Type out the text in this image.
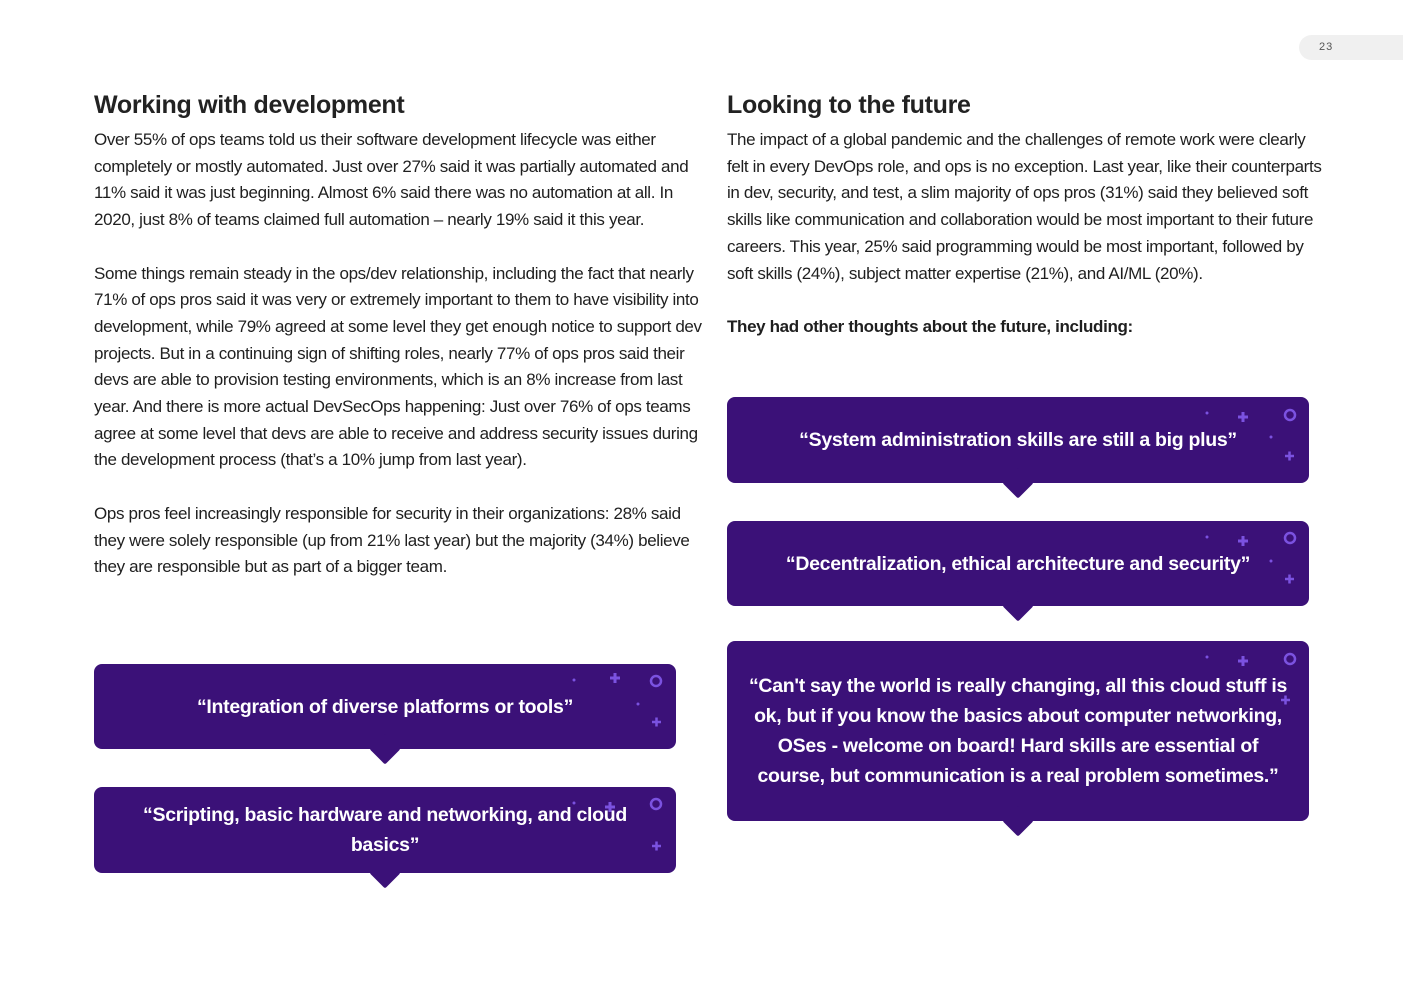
23
Working with development

Over 55% of ops teams told us their software development lifecycle was either completely or mostly automated. Just over 27% said it was partially automated and 11% said it was just beginning. Almost 6% said there was no automation at all. In 2020, just 8% of teams claimed full automation – nearly 19% said it this year.

Some things remain steady in the ops/dev relationship, including the fact that nearly 71% of ops pros said it was very or extremely important to them to have visibility into development, while 79% agreed at some level they get enough notice to support dev projects. But in a continuing sign of shifting roles, nearly 77% of ops pros said their devs are able to provision testing environments, which is an 8% increase from last year. And there is more actual DevSecOps happening: Just over 76% of ops teams agree at some level that devs are able to receive and address security issues during the development process (that’s a 10% jump from last year).

Ops pros feel increasingly responsible for security in their organizations: 28% said they were solely responsible (up from 21% last year) but the majority (34%) believe they are responsible but as part of a bigger team.

Looking to the future

The impact of a global pandemic and the challenges of remote work were clearly felt in every DevOps role, and ops is no exception. Last year, like their counterparts in dev, security, and test, a slim majority of ops pros (31%) said they believed soft skills like communication and collaboration would be most important to their future careers. This year, 25% said programming would be most important, followed by soft skills (24%), subject matter expertise (21%), and AI/ML (20%).

They had other thoughts about the future, including:

“Integration of diverse platforms or tools”
“Scripting, basic hardware and networking, and cloud basics”
“System administration skills are still a big plus”
“Decentralization, ethical architecture and security”
“Can't say the world is really changing, all this cloud stuff is ok, but if you know the basics about computer networking, OSes - welcome on board! Hard skills are essential of course, but communication is a real problem sometimes.”
